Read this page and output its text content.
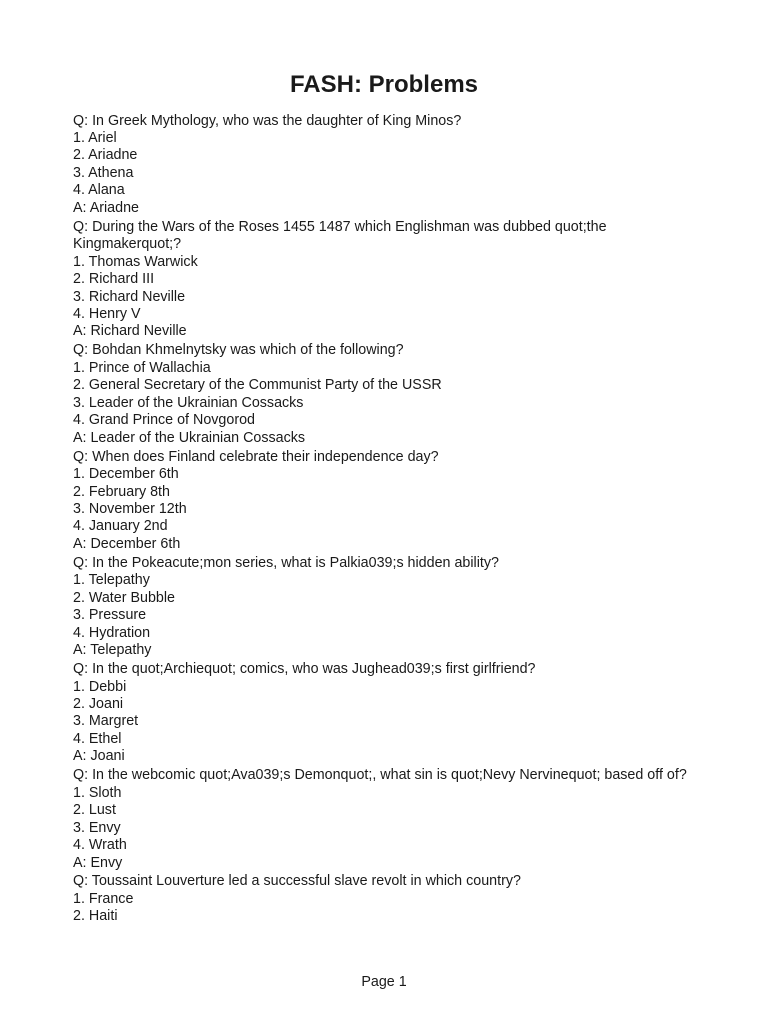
FASH: Problems

Q: In Greek Mythology, who was the daughter of King Minos?

1. Ariel

2. Ariadne

3. Athena

4. Alana

A: Ariadne

Q: During the Wars of the Roses 1455 1487 which Englishman was dubbed quot;the Kingmakerquot;?

1. Thomas Warwick

2. Richard III

3. Richard Neville

4. Henry V

A: Richard Neville

Q: Bohdan Khmelnytsky was which of the following?

1. Prince of Wallachia

2. General Secretary of the Communist Party of the USSR

3. Leader of the Ukrainian Cossacks

4. Grand Prince of Novgorod

A: Leader of the Ukrainian Cossacks

Q: When does Finland celebrate their independence day?

1. December 6th

2. February 8th

3. November 12th

4. January 2nd

A: December 6th

Q: In the Pokeacute;mon series, what is Palkia039;s hidden ability?

1. Telepathy

2. Water Bubble

3. Pressure

4. Hydration

A: Telepathy

Q: In the quot;Archiequot; comics, who was Jughead039;s first girlfriend?

1. Debbi

2. Joani

3. Margret

4. Ethel

A: Joani

Q: In the webcomic quot;Ava039;s Demonquot;, what sin is quot;Nevy Nervinequot; based off of?

1. Sloth

2. Lust

3. Envy

4. Wrath

A: Envy

Q: Toussaint Louverture led a successful slave revolt in which country?

1. France

2. Haiti

Page 1
